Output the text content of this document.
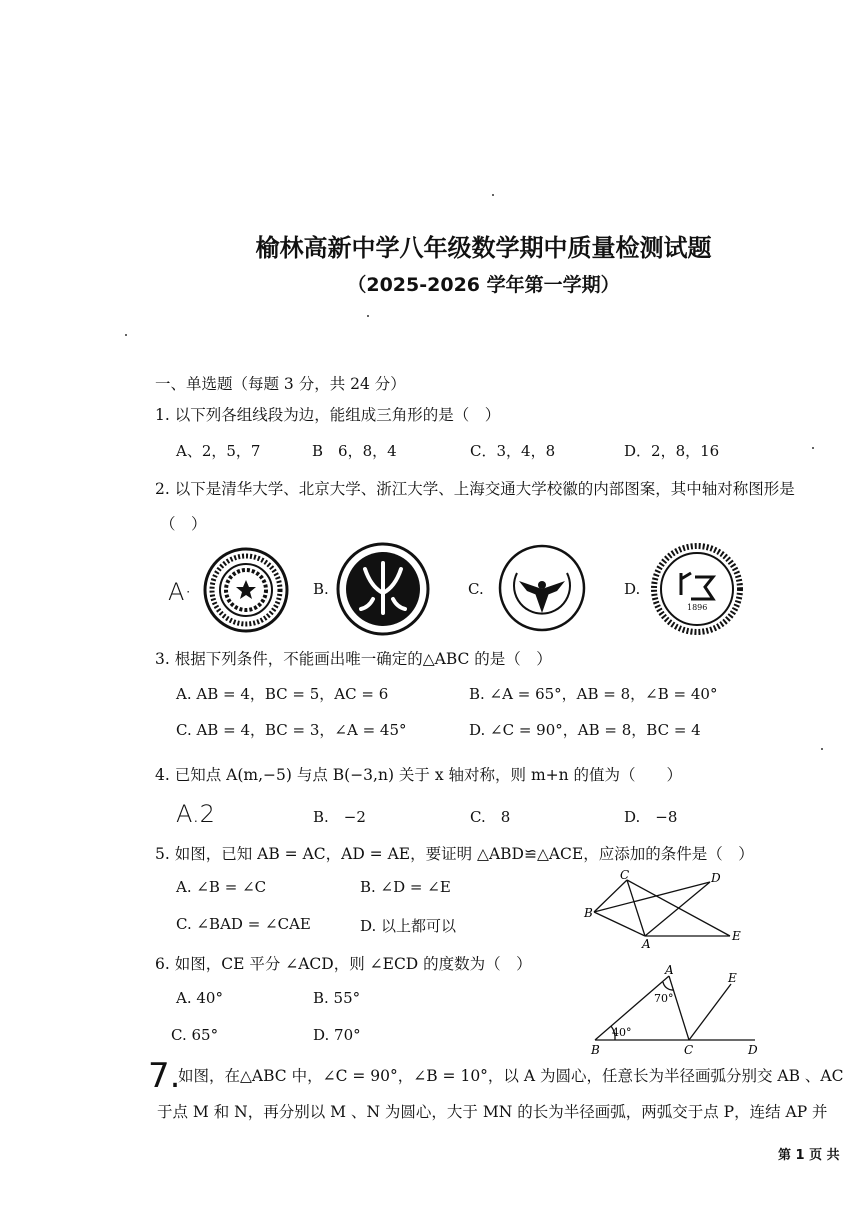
榆林高新中学八年级数学期中质量检测试题
（2025-2026 学年第一学期）
一、单选题（每题 3 分，共 24 分）
1. 以下列各组线段为边，能组成三角形的是（　）
A、2，5，7	B　6，8，4	C．3，4，8	D．2，8，16
2. 以下是清华大学、北京大学、浙江大学、上海交通大学校徽的内部图案，其中轴对称图形是
（　）
A·	B.	C.	D.
1896
3. 根据下列条件，不能画出唯一确定的△ABC 的是（　）
A. AB = 4，BC = 5，AC = 6	B. ∠A = 65°，AB = 8，∠B = 40°
C. AB = 4，BC = 3，∠A = 45°	D. ∠C = 90°，AB = 8，BC = 4
4. 已知点 A(m,−5) 与点 B(−3,n) 关于 x 轴对称，则 m+n 的值为（　　）
A.2	B.　−2	C.　8	D.　−8
5. 如图，已知 AB = AC，AD = AE，要证明 △ABD≌△ACE，应添加的条件是（　）
A. ∠B = ∠C	B. ∠D = ∠E
C. ∠BAD = ∠CAE	D. 以上都可以
B
C	D
A
E
6. 如图，CE 平分 ∠ACD，则 ∠ECD 的度数为（　）
A. 40°	B. 55°
C. 65°	D. 70°
A
E
B	C	D
70°
40°
7.
如图，在△ABC 中，∠C = 90°，∠B = 10°，以 A 为圆心，任意长为半径画弧分别交 AB 、AC
于点 M 和 N，再分别以 M 、N 为圆心，大于 MN 的长为半径画弧，两弧交于点 P，连结 AP 并
第 1 页 共
